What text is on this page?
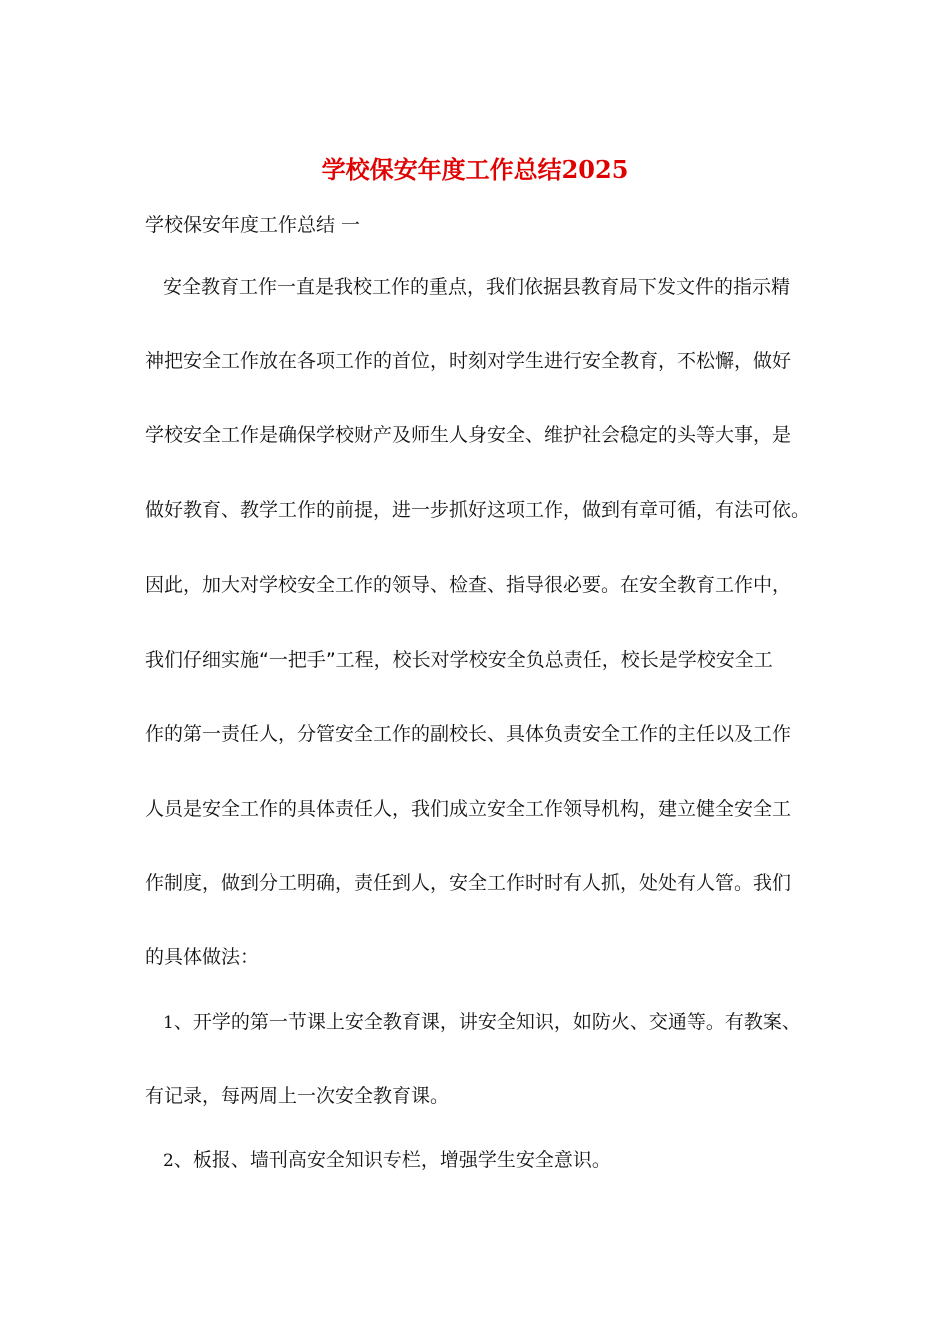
学校保安年度工作总结2025
学校保安年度工作总结 一
安全教育工作一直是我校工作的重点，我们依据县教育局下发文件的指示精
神把安全工作放在各项工作的首位，时刻对学生进行安全教育，不松懈，做好
学校安全工作是确保学校财产及师生人身安全、维护社会稳定的头等大事，是
做好教育、教学工作的前提，进一步抓好这项工作，做到有章可循，有法可依。
因此，加大对学校安全工作的领导、检查、指导很必要。在安全教育工作中，
我们仔细实施“一把手”工程，校长对学校安全负总责任，校长是学校安全工
作的第一责任人，分管安全工作的副校长、具体负责安全工作的主任以及工作
人员是安全工作的具体责任人，我们成立安全工作领导机构，建立健全安全工
作制度，做到分工明确，责任到人，安全工作时时有人抓，处处有人管。我们
的具体做法：
1、开学的第一节课上安全教育课，讲安全知识，如防火、交通等。有教案、
有记录，每两周上一次安全教育课。
2、板报、墙刊高安全知识专栏，增强学生安全意识。
